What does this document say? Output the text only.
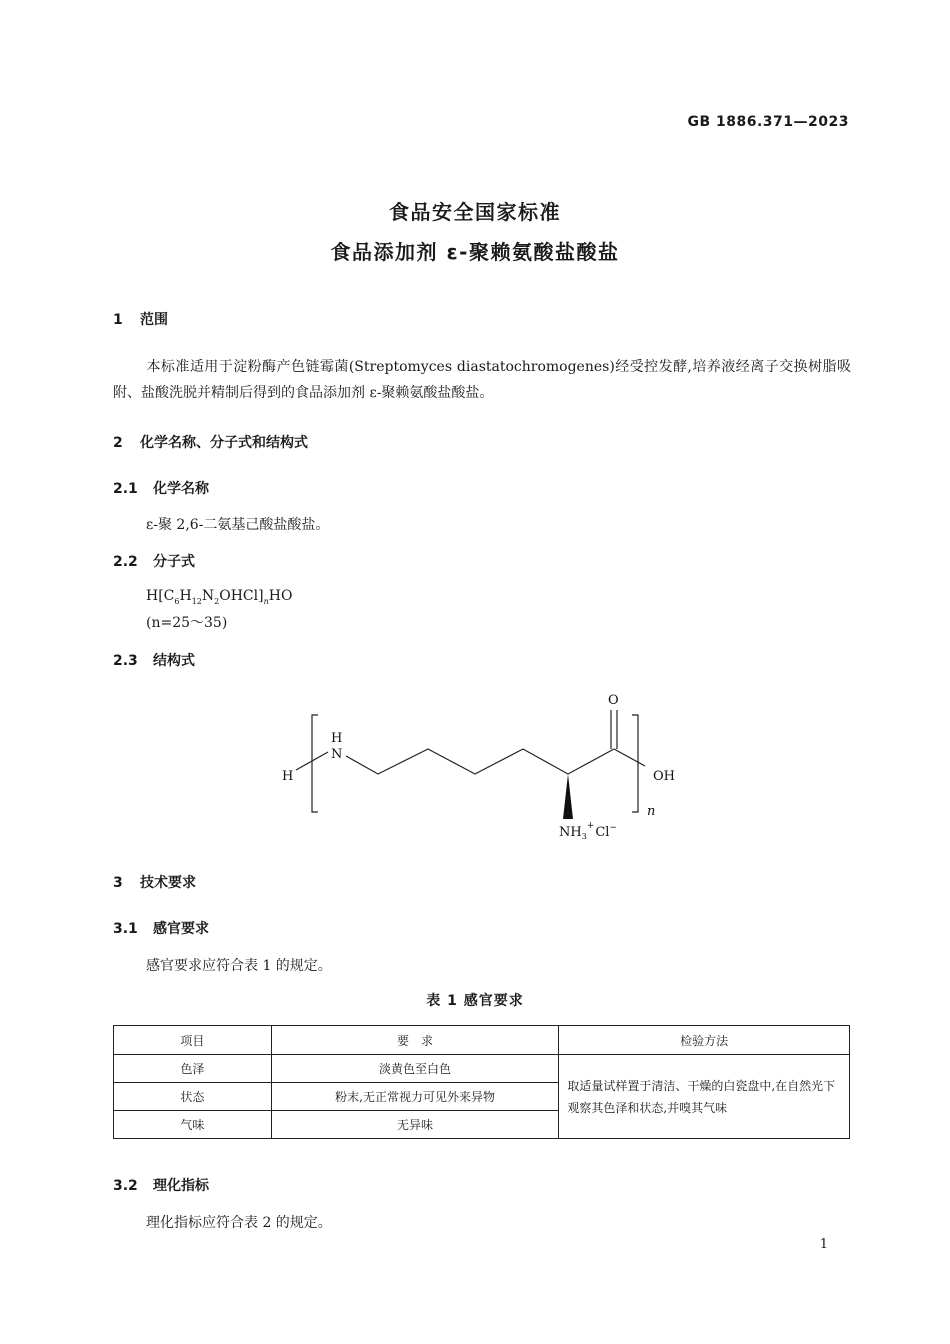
GB 1886.371—2023
食品安全国家标准
食品添加剂 ε-聚赖氨酸盐酸盐
1 范围
本标准适用于淀粉酶产色链霉菌(Streptomyces diastatochromogenes)经受控发酵,培养液经离子交换树脂吸附、盐酸洗脱并精制后得到的食品添加剂 ε-聚赖氨酸盐酸盐。
2 化学名称、分子式和结构式
2.1 化学名称
ε-聚 2,6-二氨基己酸盐酸盐。
2.2 分子式
$H[C_6H_{12}N_2OHCl]_nHO$
(n=25～35)
2.3 结构式
O
OH
H
H
N
n
$NH_3^+Cl^-$
3 技术要求
3.1 感官要求
感官要求应符合表 1 的规定。
表 1 感官要求
项目	要　求	检验方法
色泽	淡黄色至白色	取适量试样置于清洁、干燥的白瓷盘中,在自然光下观察其色泽和状态,并嗅其气味
状态	粉末,无正常视力可见外来异物	
气味	无异味	
3.2 理化指标
理化指标应符合表 2 的规定。
1
